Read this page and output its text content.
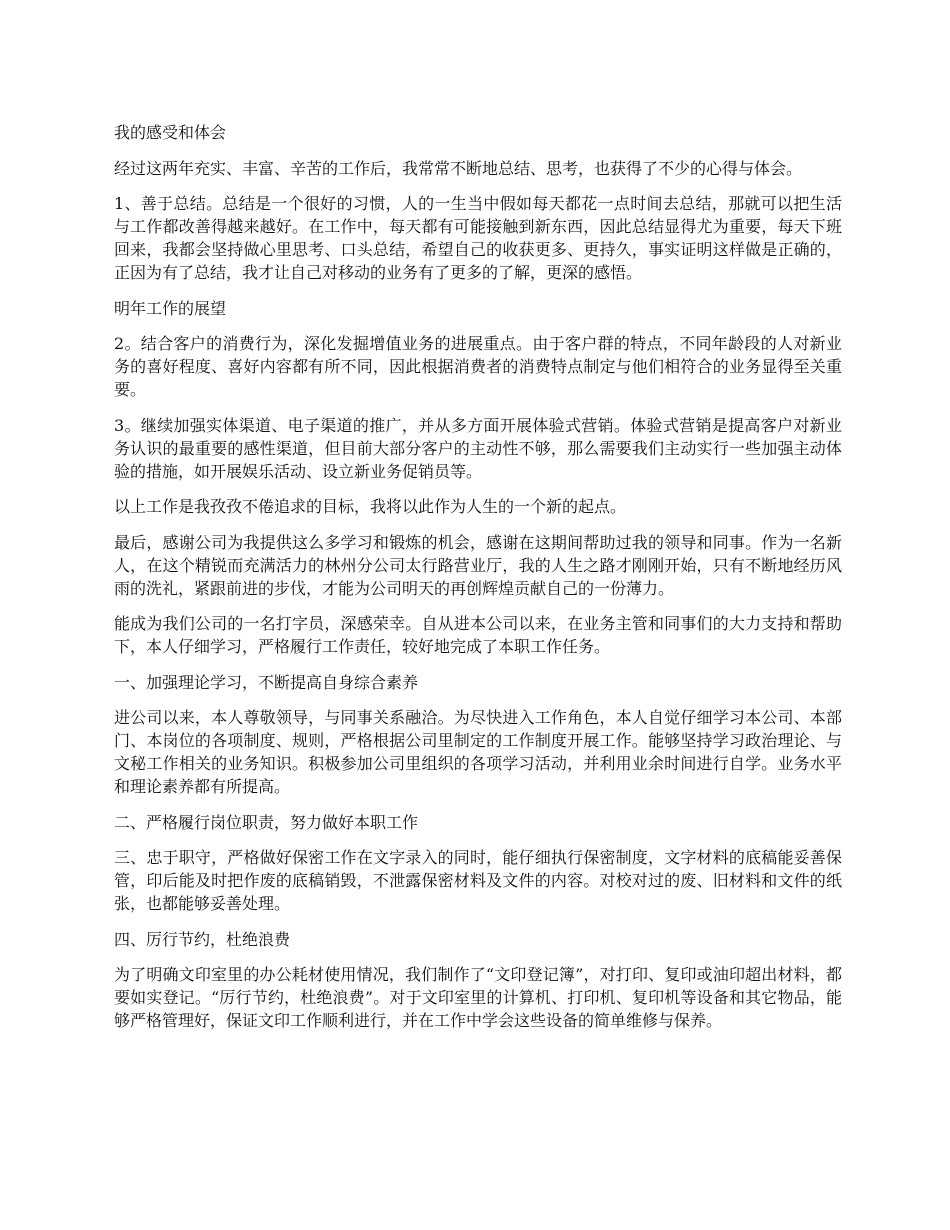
我的感受和体会

经过这两年充实、丰富、辛苦的工作后，我常常不断地总结、思考，也获得了不少的心得与体会。

1、善于总结。总结是一个很好的习惯，人的一生当中假如每天都花一点时间去总结，那就可以把生活与工作都改善得越来越好。在工作中，每天都有可能接触到新东西，因此总结显得尤为重要，每天下班回来，我都会坚持做心里思考、口头总结，希望自己的收获更多、更持久，事实证明这样做是正确的，正因为有了总结，我才让自己对移动的业务有了更多的了解，更深的感悟。

明年工作的展望

2。结合客户的消费行为，深化发掘增值业务的进展重点。由于客户群的特点，不同年龄段的人对新业务的喜好程度、喜好内容都有所不同，因此根据消费者的消费特点制定与他们相符合的业务显得至关重要。

3。继续加强实体渠道、电子渠道的推广，并从多方面开展体验式营销。体验式营销是提高客户对新业务认识的最重要的感性渠道，但目前大部分客户的主动性不够，那么需要我们主动实行一些加强主动体验的措施，如开展娱乐活动、设立新业务促销员等。

以上工作是我孜孜不倦追求的目标，我将以此作为人生的一个新的起点。

最后，感谢公司为我提供这么多学习和锻炼的机会，感谢在这期间帮助过我的领导和同事。作为一名新人，在这个精锐而充满活力的林州分公司太行路营业厅，我的人生之路才刚刚开始，只有不断地经历风雨的洗礼，紧跟前进的步伐，才能为公司明天的再创辉煌贡献自己的一份薄力。

能成为我们公司的一名打字员，深感荣幸。自从进本公司以来，在业务主管和同事们的大力支持和帮助下，本人仔细学习，严格履行工作责任，较好地完成了本职工作任务。

一、加强理论学习，不断提高自身综合素养

进公司以来，本人尊敬领导，与同事关系融洽。为尽快进入工作角色，本人自觉仔细学习本公司、本部门、本岗位的各项制度、规则，严格根据公司里制定的工作制度开展工作。能够坚持学习政治理论、与文秘工作相关的业务知识。积极参加公司里组织的各项学习活动，并利用业余时间进行自学。业务水平和理论素养都有所提高。

二、严格履行岗位职责，努力做好本职工作

三、忠于职守，严格做好保密工作在文字录入的同时，能仔细执行保密制度，文字材料的底稿能妥善保管，印后能及时把作废的底稿销毁，不泄露保密材料及文件的内容。对校对过的废、旧材料和文件的纸张，也都能够妥善处理。

四、厉行节约，杜绝浪费

为了明确文印室里的办公耗材使用情况，我们制作了“文印登记簿”，对打印、复印或油印超出材料，都要如实登记。“厉行节约，杜绝浪费”。对于文印室里的计算机、打印机、复印机等设备和其它物品，能够严格管理好，保证文印工作顺利进行，并在工作中学会这些设备的简单维修与保养。
